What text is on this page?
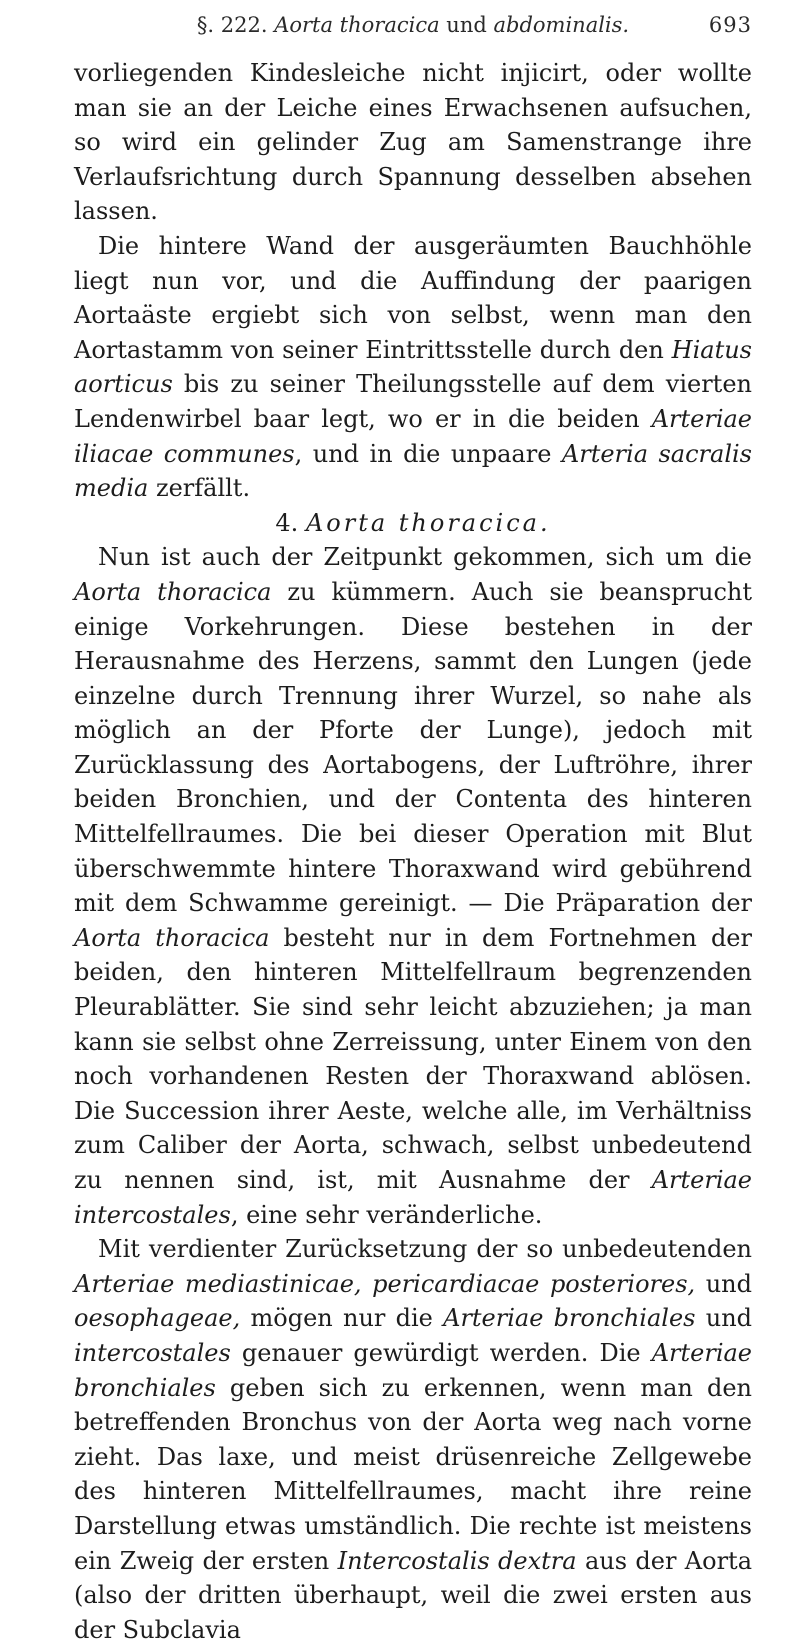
§. 222. Aorta thoracica und abdominalis.	693

vorliegenden Kindesleiche nicht injicirt, oder wollte man sie an der Leiche eines Erwachsenen aufsuchen, so wird ein gelinder Zug am Samenstrange ihre Verlaufsrichtung durch Spannung desselben absehen lassen.

Die hintere Wand der ausgeräumten Bauchhöhle liegt nun vor, und die Auffindung der paarigen Aortaäste ergiebt sich von selbst, wenn man den Aortastamm von seiner Eintrittsstelle durch den Hiatus aorticus bis zu seiner Theilungsstelle auf dem vierten Lendenwirbel baar legt, wo er in die beiden Arteriae iliacae communes, und in die unpaare Arteria sacralis media zerfällt.

4. Aorta thoracica.

Nun ist auch der Zeitpunkt gekommen, sich um die Aorta thoracica zu kümmern. Auch sie beansprucht einige Vorkehrungen. Diese bestehen in der Herausnahme des Herzens, sammt den Lungen (jede einzelne durch Trennung ihrer Wurzel, so nahe als möglich an der Pforte der Lunge), jedoch mit Zurücklassung des Aortabogens, der Luftröhre, ihrer beiden Bronchien, und der Contenta des hinteren Mittelfellraumes. Die bei dieser Operation mit Blut überschwemmte hintere Thoraxwand wird gebührend mit dem Schwamme gereinigt. — Die Präparation der Aorta thoracica besteht nur in dem Fortnehmen der beiden, den hinteren Mittelfellraum begrenzenden Pleurablätter. Sie sind sehr leicht abzuziehen; ja man kann sie selbst ohne Zerreissung, unter Einem von den noch vorhandenen Resten der Thoraxwand ablösen. Die Succession ihrer Aeste, welche alle, im Verhältniss zum Caliber der Aorta, schwach, selbst unbedeutend zu nennen sind, ist, mit Ausnahme der Arteriae intercostales, eine sehr veränderliche.

Mit verdienter Zurücksetzung der so unbedeutenden Arteriae mediastinicae, pericardiacae posteriores, und oesophageae, mögen nur die Arteriae bronchiales und intercostales genauer gewürdigt werden. Die Arteriae bronchiales geben sich zu erkennen, wenn man den betreffenden Bronchus von der Aorta weg nach vorne zieht. Das laxe, und meist drüsenreiche Zellgewebe des hinteren Mittelfellraumes, macht ihre reine Darstellung etwas umständlich. Die rechte ist meistens ein Zweig der ersten Intercostalis dextra aus der Aorta (also der dritten überhaupt, weil die zwei ersten aus der Subclavia
